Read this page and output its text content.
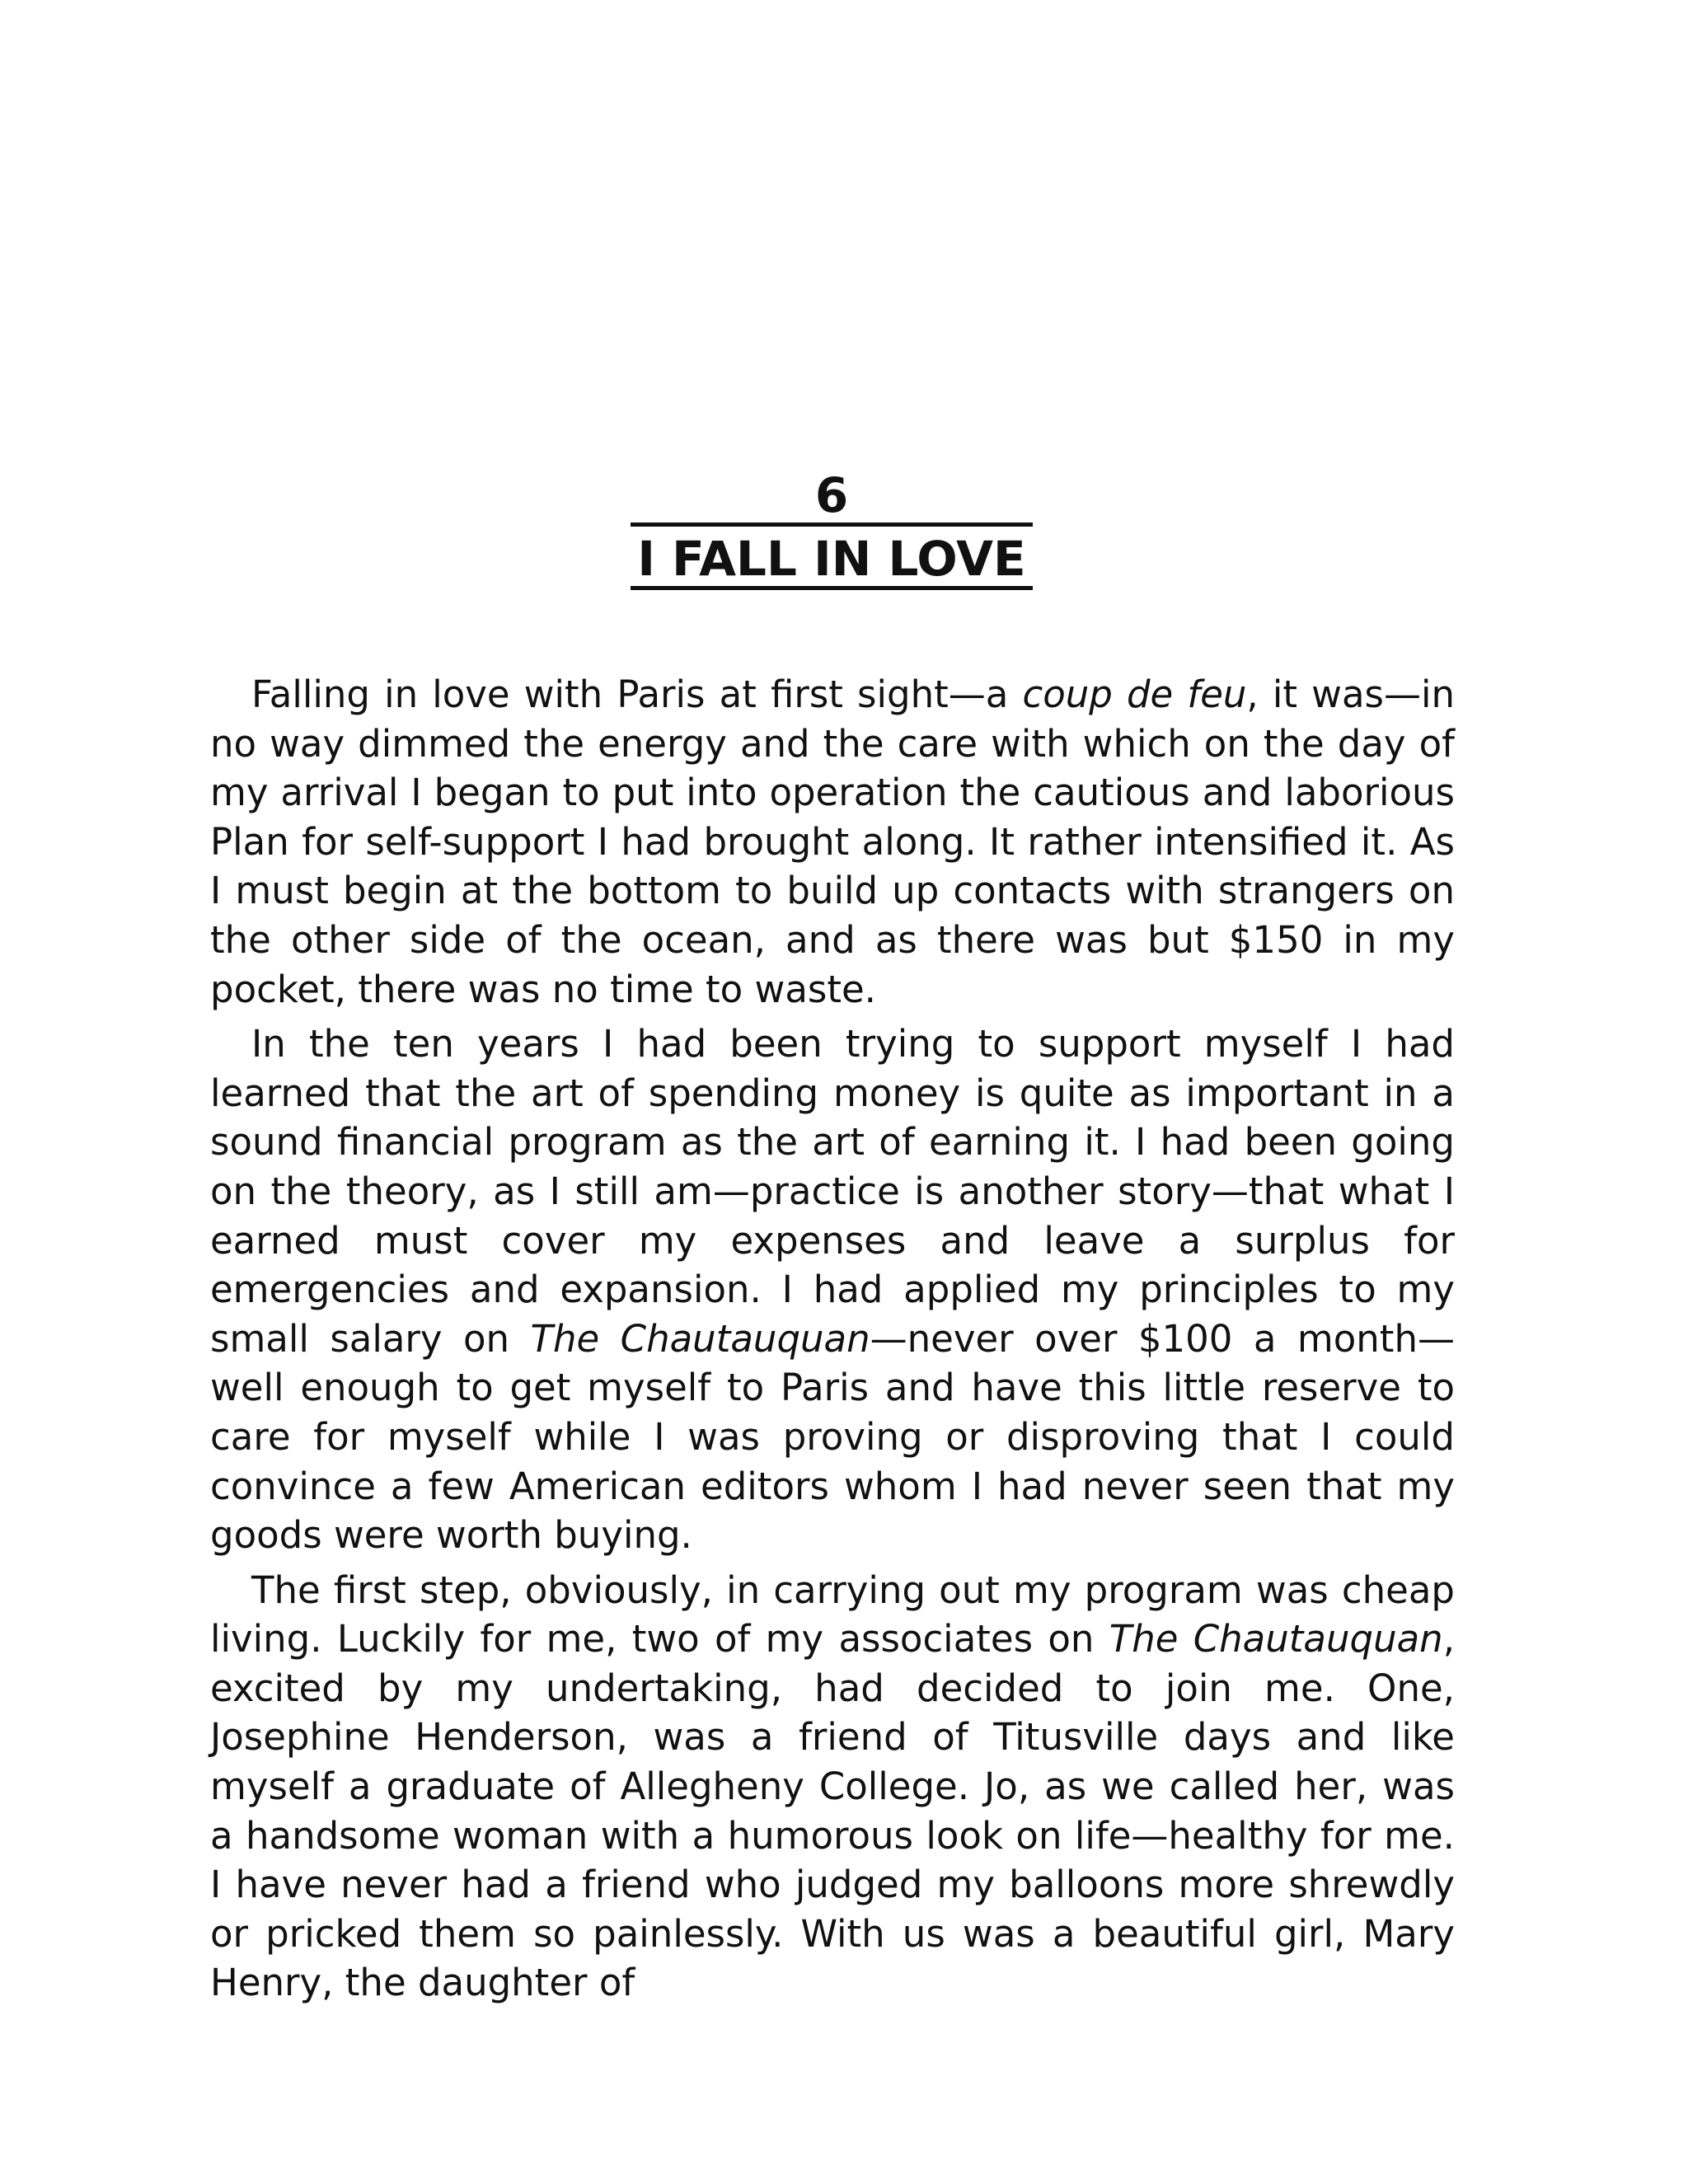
6
I FALL IN LOVE

Falling in love with Paris at first sight—a coup de feu, it was—in no way dimmed the energy and the care with which on the day of my arrival I began to put into operation the cautious and laborious Plan for self-support I had brought along. It rather intensified it. As I must begin at the bottom to build up contacts with strangers on the other side of the ocean, and as there was but $150 in my pocket, there was no time to waste.

In the ten years I had been trying to support myself I had learned that the art of spending money is quite as important in a sound financial program as the art of earning it. I had been going on the theory, as I still am—practice is another story—that what I earned must cover my expenses and leave a surplus for emergencies and expansion. I had applied my principles to my small salary on The Chautauquan—never over $100 a month—well enough to get myself to Paris and have this little reserve to care for myself while I was proving or disproving that I could convince a few American editors whom I had never seen that my goods were worth buying.

The first step, obviously, in carrying out my program was cheap living. Luckily for me, two of my associates on The Chautauquan, excited by my undertaking, had decided to join me. One, Josephine Henderson, was a friend of Titusville days and like myself a graduate of Allegheny College. Jo, as we called her, was a handsome woman with a humorous look on life—healthy for me. I have never had a friend who judged my balloons more shrewdly or pricked them so painlessly. With us was a beautiful girl, Mary Henry, the daughter of
